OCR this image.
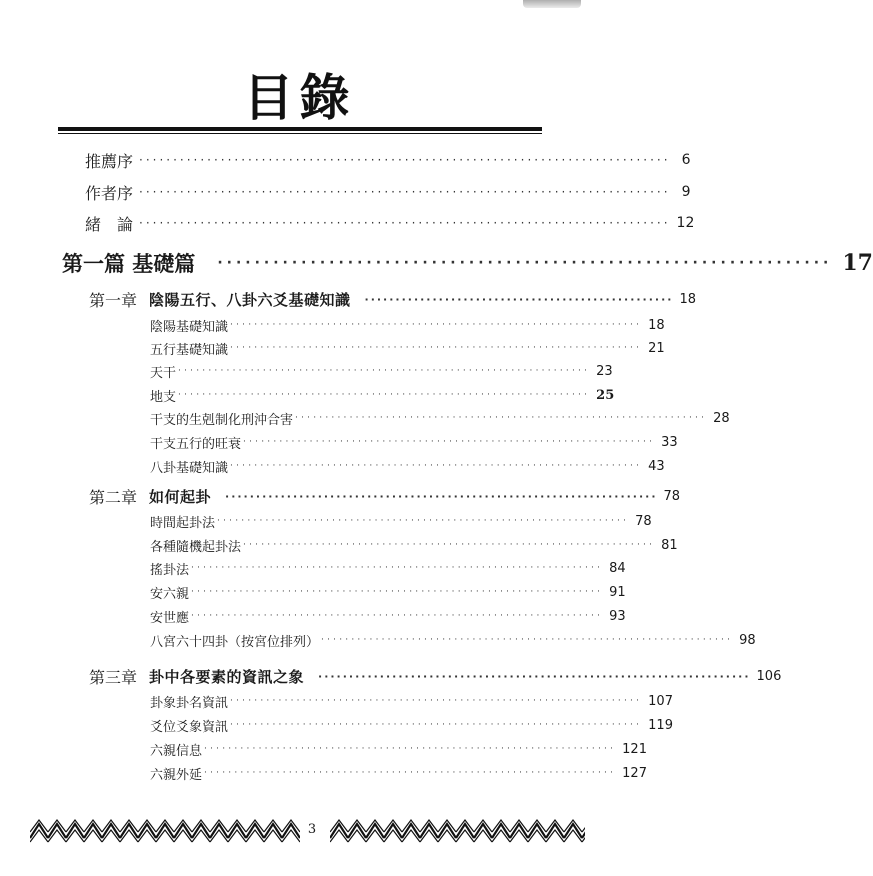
目錄
推薦序 ·············································································· 6
作者序 ·············································································· 9
緒　論 ·············································································· 12
第一篇 基礎篇 ·································································· 17
第一章 陰陽五行、八卦六爻基礎知識 ·················································· 18
陰陽基礎知識 ···································································· 18
五行基礎知識 ···································································· 21
天干 ···································································· 23
地支 ···································································· 25
干支的生剋制化刑沖合害 ···································································· 28
干支五行的旺衰 ···································································· 33
八卦基礎知識 ···································································· 43
第二章 如何起卦 ······································································ 78
時間起卦法 ···································································· 78
各種隨機起卦法 ···································································· 81
搖卦法 ···································································· 84
安六親 ···································································· 91
安世應 ···································································· 93
八宮六十四卦（按宮位排列） ···································································· 98
第三章 卦中各要素的資訊之象 ······································································ 106
卦象卦名資訊 ···································································· 107
爻位爻象資訊 ···································································· 119
六親信息 ···································································· 121
六親外延 ···································································· 127
3
